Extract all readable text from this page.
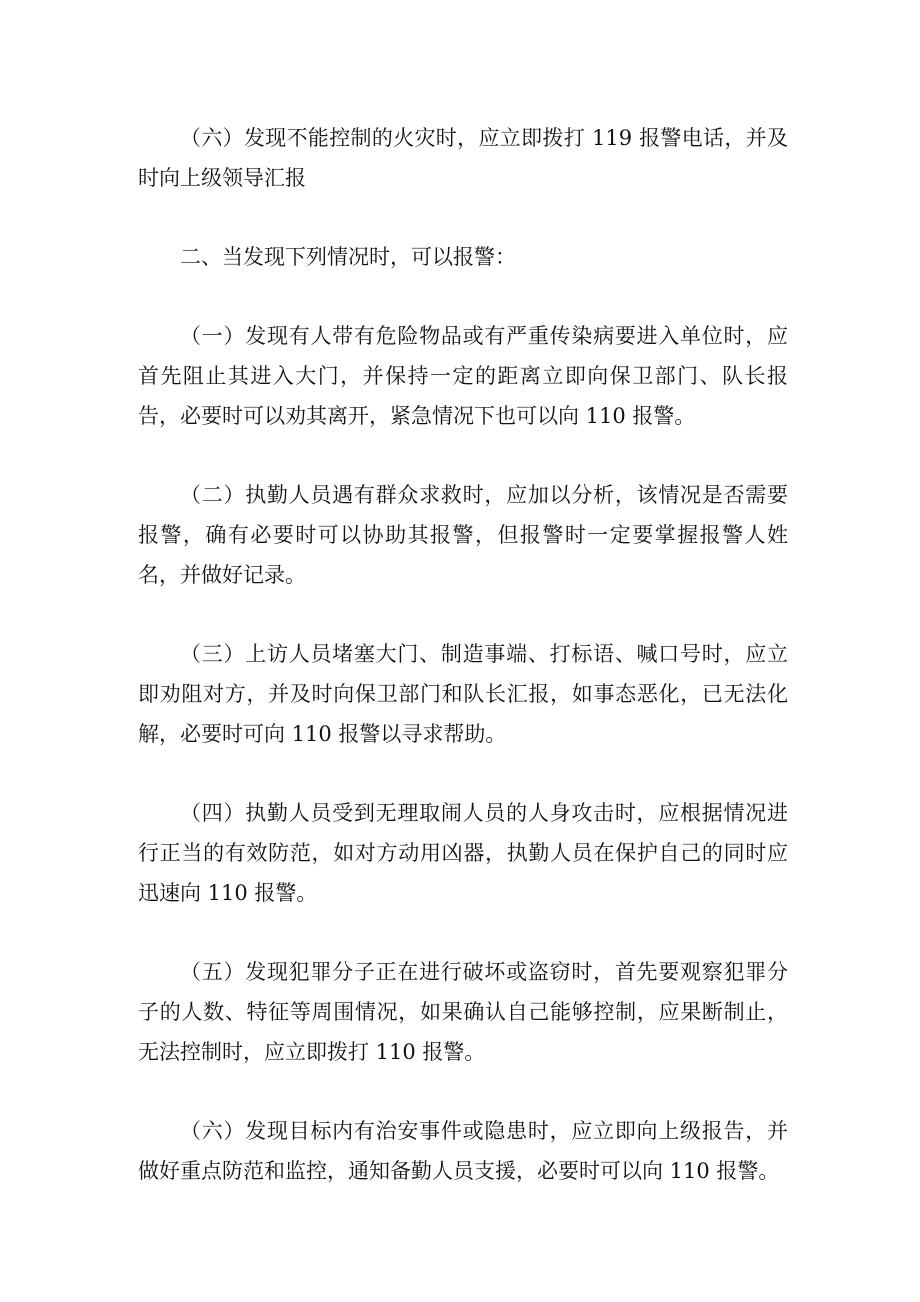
（六）发现不能控制的火灾时，应立即拨打 119 报警电话，并及时向上级领导汇报

二、当发现下列情况时，可以报警：

（一）发现有人带有危险物品或有严重传染病要进入单位时，应首先阻止其进入大门，并保持一定的距离立即向保卫部门、队长报告，必要时可以劝其离开，紧急情况下也可以向 110 报警。

（二）执勤人员遇有群众求救时，应加以分析，该情况是否需要报警，确有必要时可以协助其报警，但报警时一定要掌握报警人姓名，并做好记录。

（三）上访人员堵塞大门、制造事端、打标语、喊口号时，应立即劝阻对方，并及时向保卫部门和队长汇报，如事态恶化，已无法化解，必要时可向 110 报警以寻求帮助。

（四）执勤人员受到无理取闹人员的人身攻击时，应根据情况进行正当的有效防范，如对方动用凶器，执勤人员在保护自己的同时应迅速向 110 报警。

（五）发现犯罪分子正在进行破坏或盗窃时，首先要观察犯罪分子的人数、特征等周围情况，如果确认自己能够控制，应果断制止，无法控制时，应立即拨打 110 报警。

（六）发现目标内有治安事件或隐患时，应立即向上级报告，并做好重点防范和监控，通知备勤人员支援，必要时可以向 110 报警。
